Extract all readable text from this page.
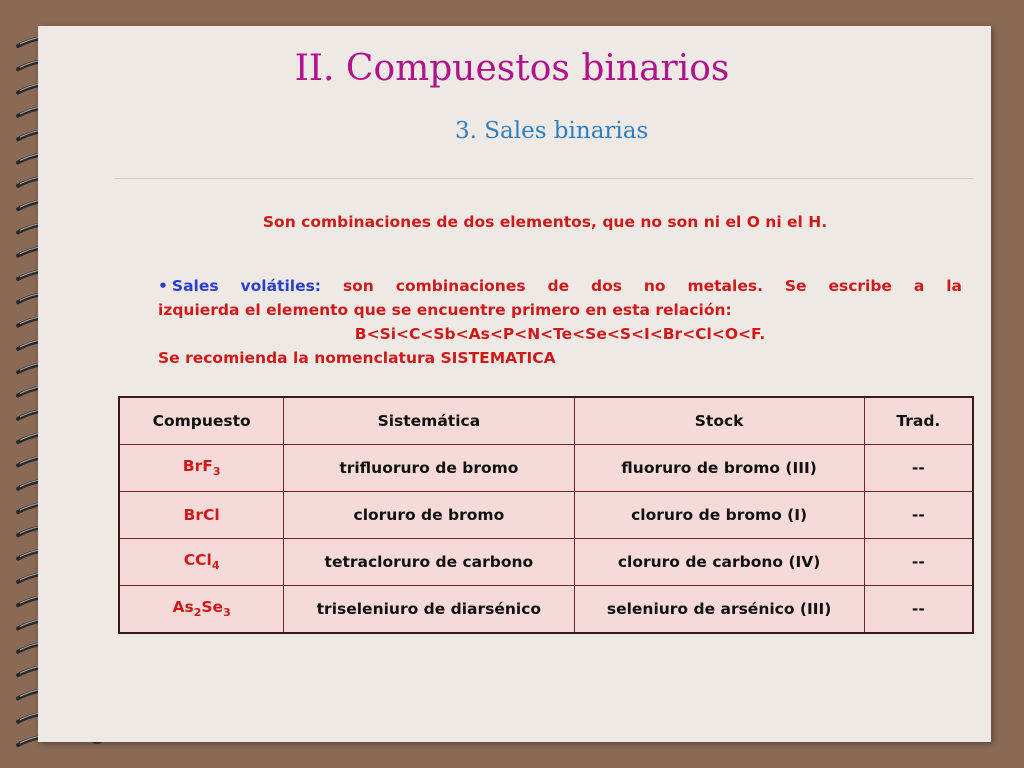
II. Compuestos binarios
3. Sales binarias
Son combinaciones de dos elementos, que no son ni el O ni el H.
• Sales volátiles: son combinaciones de dos no metales. Se escribe a la
izquierda el elemento que se encuentre primero en esta relación:
B<Si<C<Sb<As<P<N<Te<Se<S<I<Br<Cl<O<F.
Se recomienda la nomenclatura SISTEMATICA
Compuesto	Sistemática	Stock	Trad.
BrF$_3$	trifluoruro de bromo	fluoruro de bromo (III)	--
BrCl	cloruro de bromo	cloruro de bromo (I)	--
CCl$_4$	tetracloruro de carbono	cloruro de carbono (IV)	--
$As_2Se_3$	triseleniuro de diarsénico	seleniuro de arsénico (III)	--
